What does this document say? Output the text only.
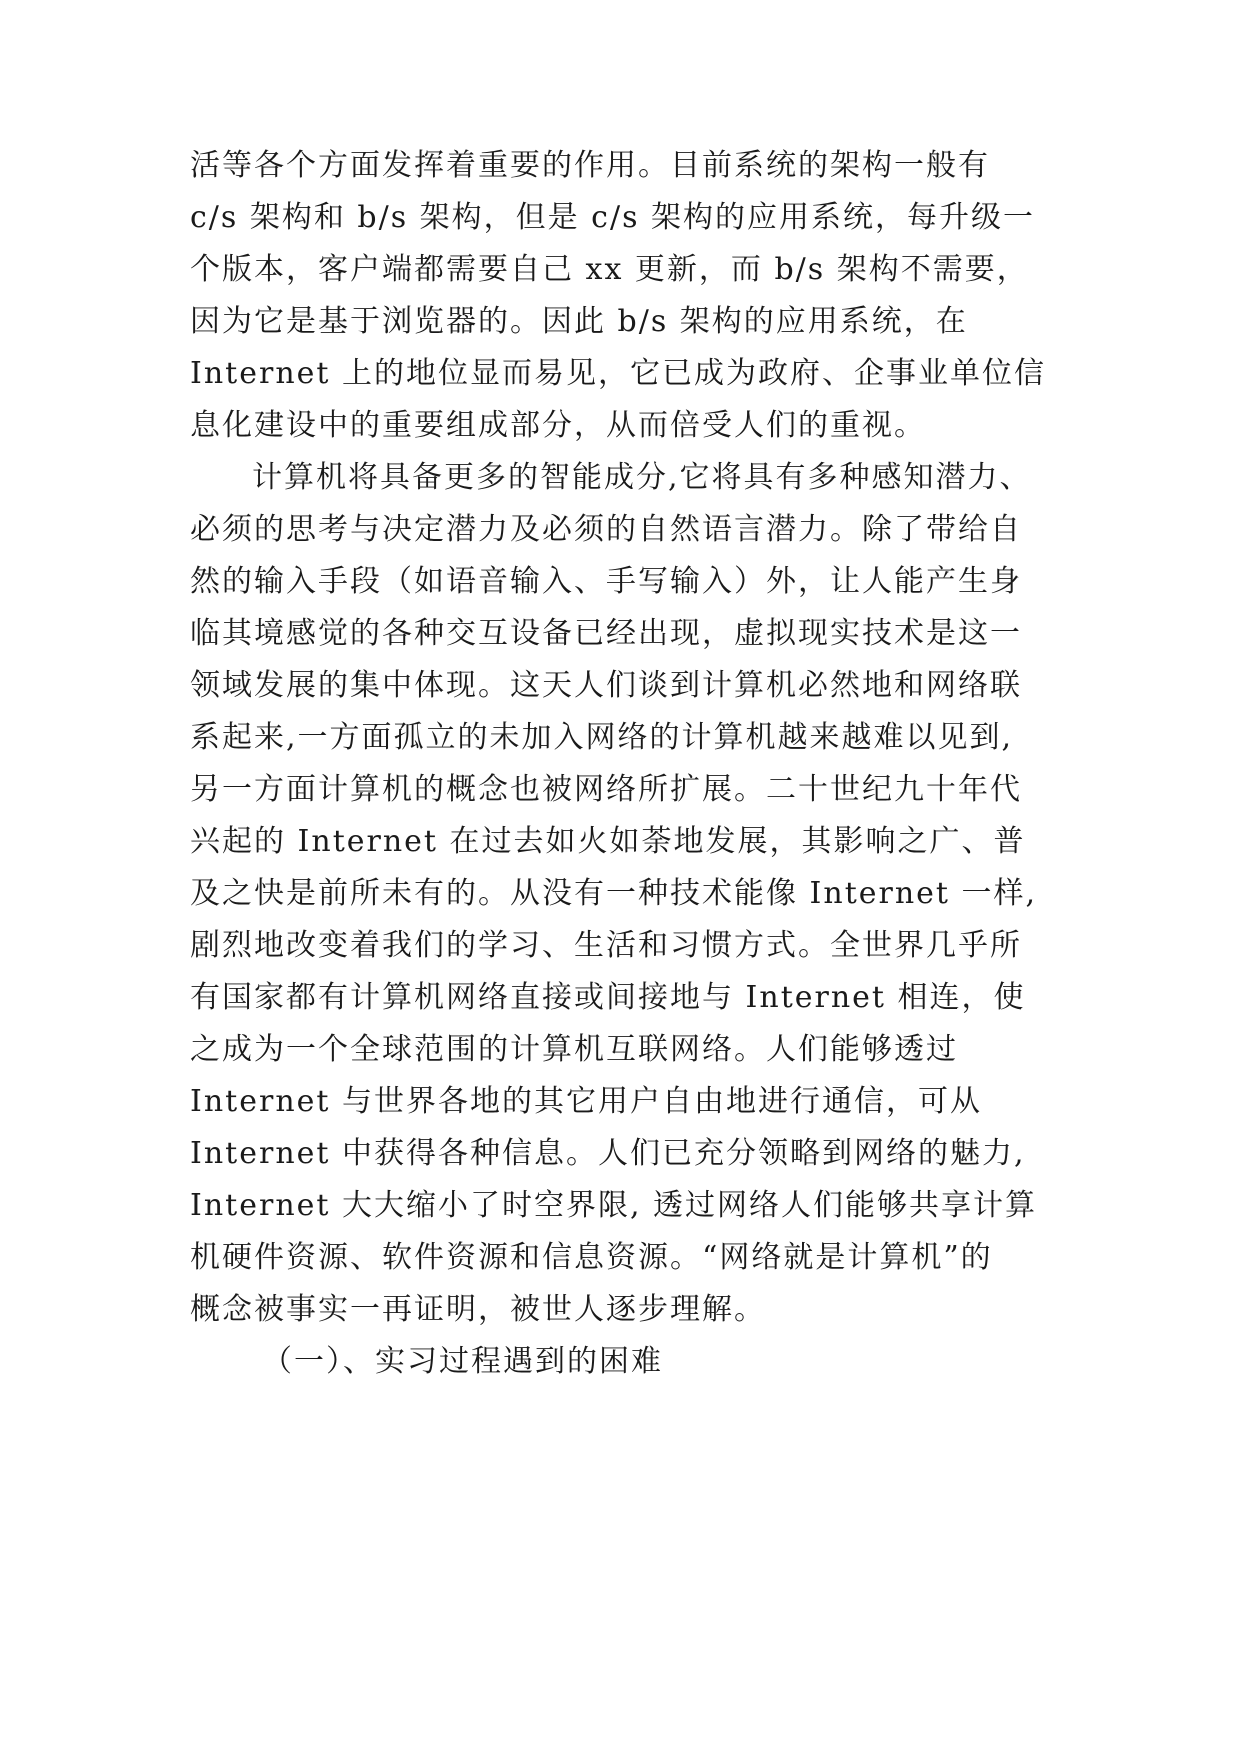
活等各个方面发挥着重要的作用。目前系统的架构一般有
c/s 架构和 b/s 架构，但是 c/s 架构的应用系统，每升级一
个版本，客户端都需要自己 xx 更新，而 b/s 架构不需要，
因为它是基于浏览器的。因此 b/s 架构的应用系统，在
Internet 上的地位显而易见，它已成为政府、企事业单位信
息化建设中的重要组成部分，从而倍受人们的重视。
计算机将具备更多的智能成分,它将具有多种感知潜力、
必须的思考与决定潜力及必须的自然语言潜力。除了带给自
然的输入手段（如语音输入、手写输入）外，让人能产生身
临其境感觉的各种交互设备已经出现，虚拟现实技术是这一
领域发展的集中体现。这天人们谈到计算机必然地和网络联
系起来,一方面孤立的未加入网络的计算机越来越难以见到,
另一方面计算机的概念也被网络所扩展。二十世纪九十年代
兴起的 Internet 在过去如火如荼地发展，其影响之广、普
及之快是前所未有的。从没有一种技术能像 Internet 一样,
剧烈地改变着我们的学习、生活和习惯方式。全世界几乎所
有国家都有计算机网络直接或间接地与 Internet 相连，使
之成为一个全球范围的计算机互联网络。人们能够透过
Internet 与世界各地的其它用户自由地进行通信，可从
Internet 中获得各种信息。人们已充分领略到网络的魅力,
Internet 大大缩小了时空界限, 透过网络人们能够共享计算
机硬件资源、软件资源和信息资源。“网络就是计算机”的
概念被事实一再证明，被世人逐步理解。
（一）、实习过程遇到的困难
